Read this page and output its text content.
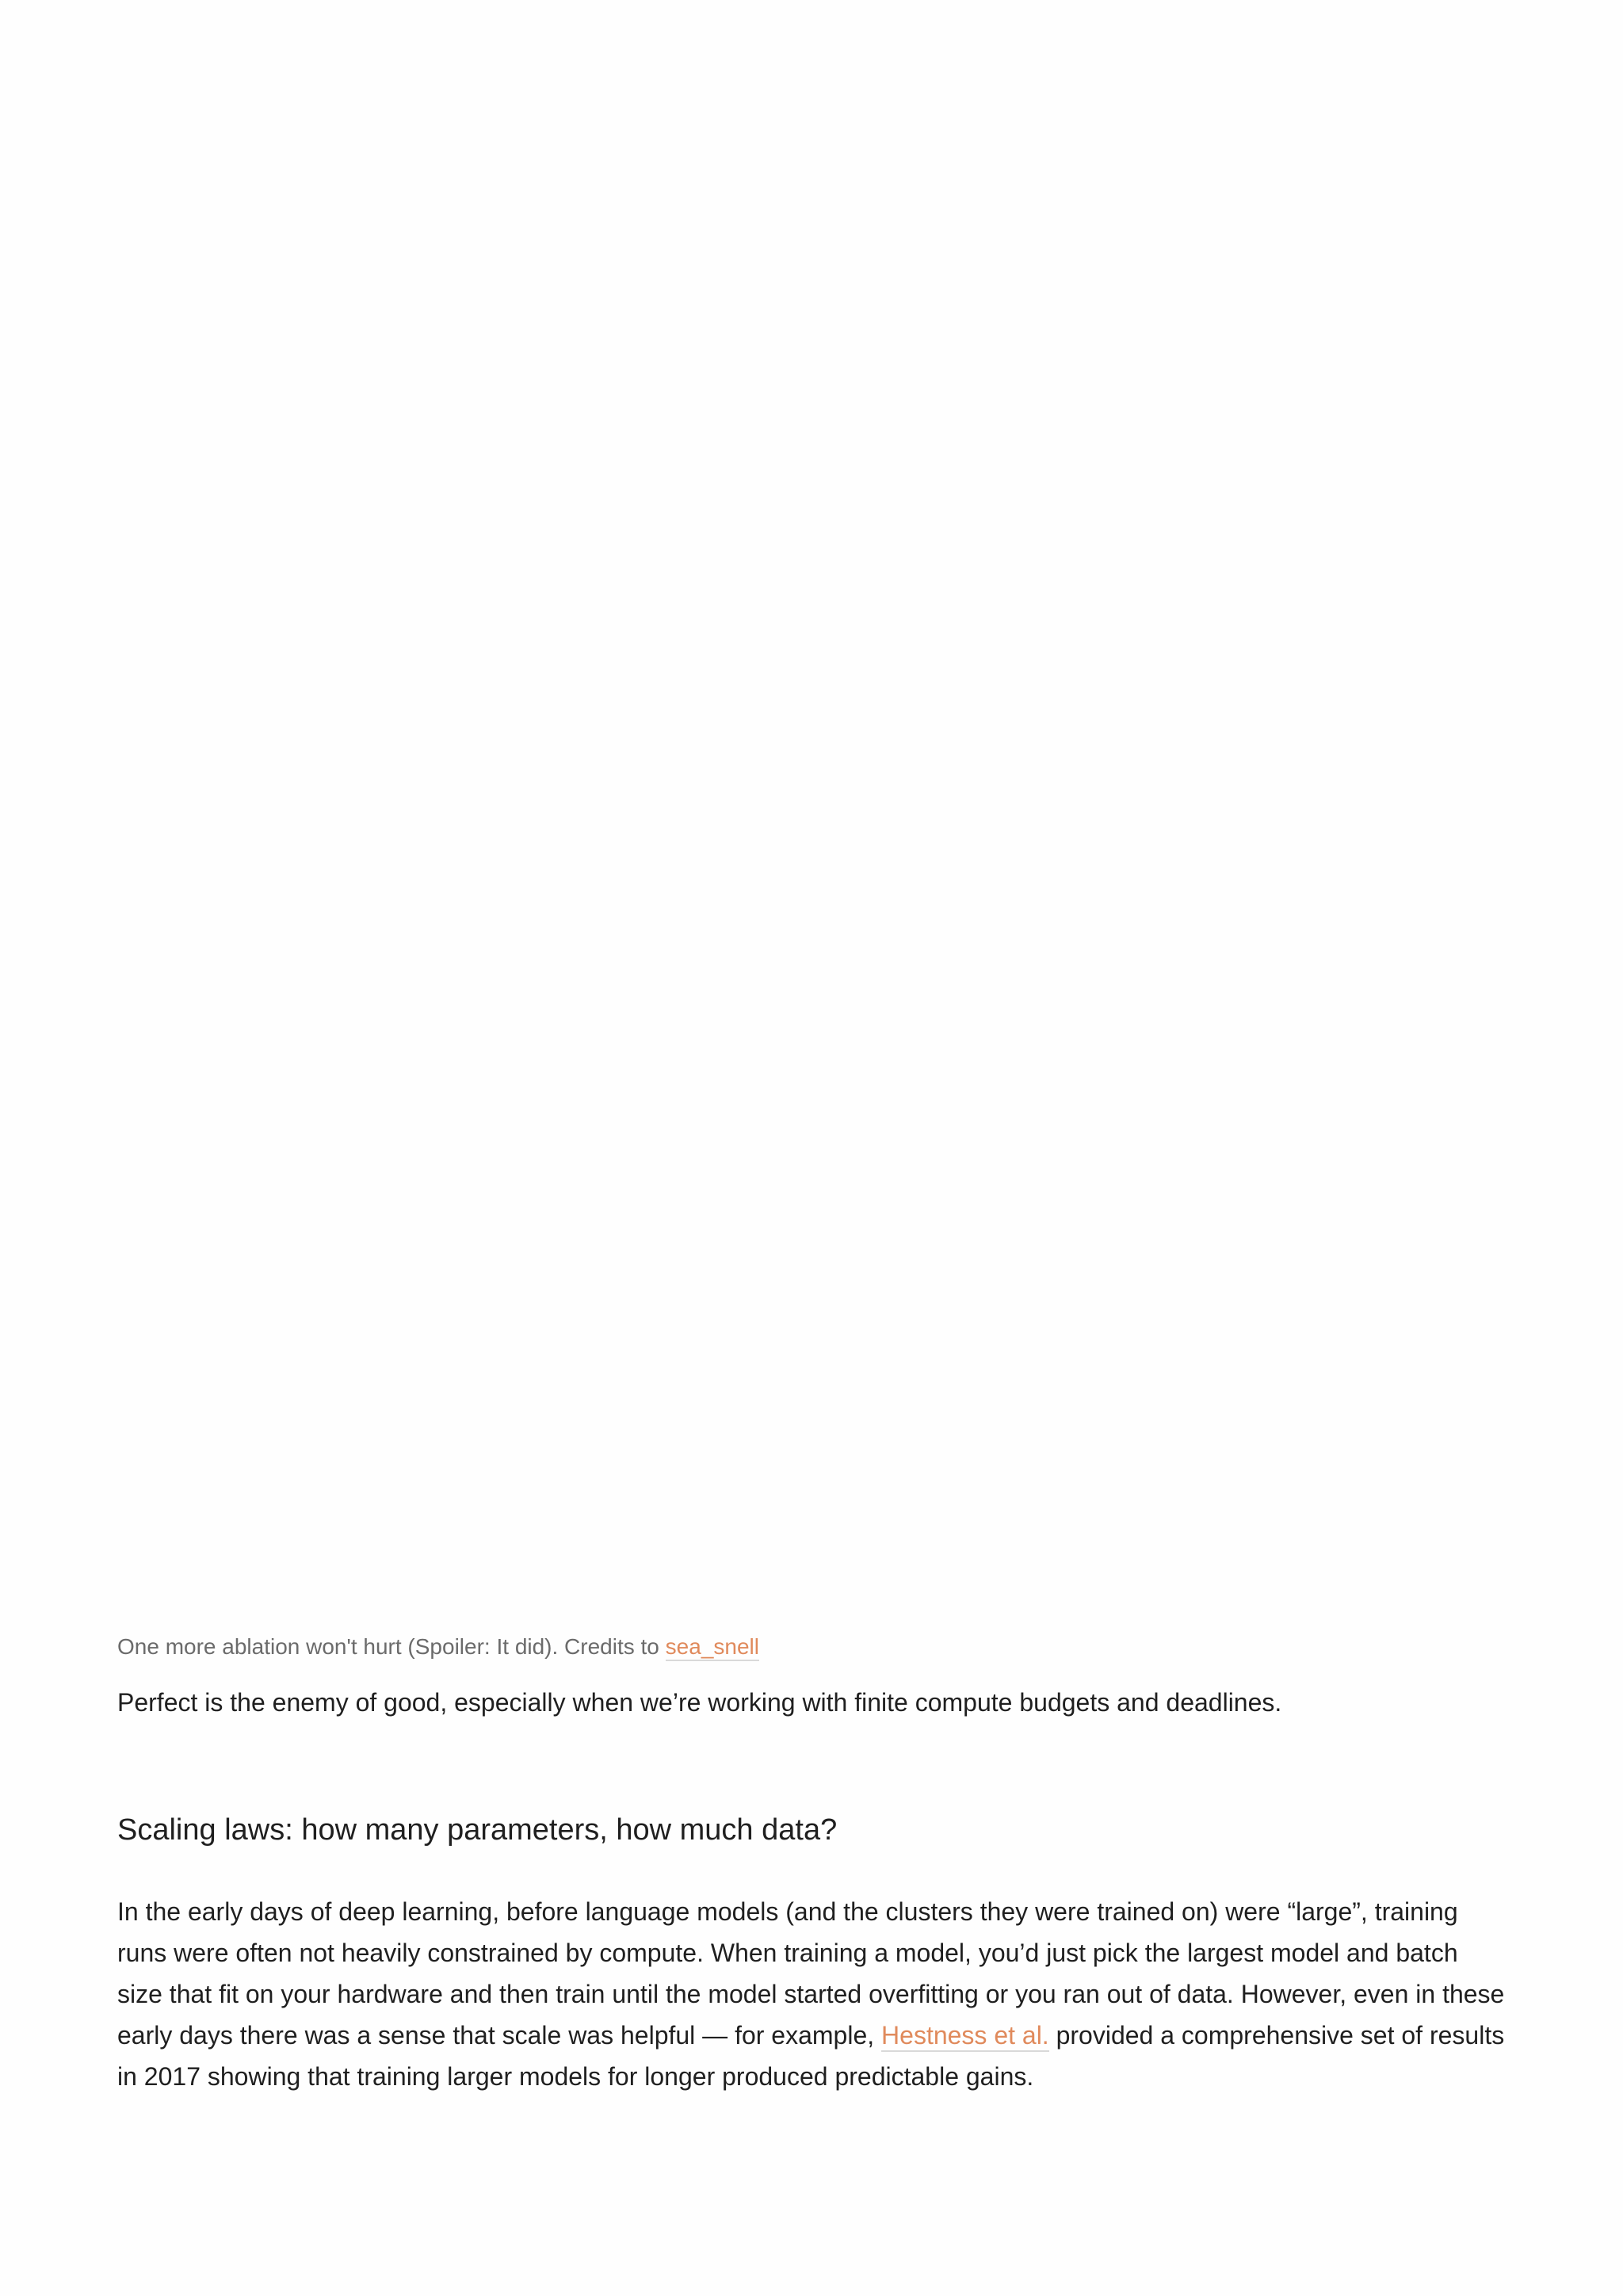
One more ablation won't hurt (Spoiler: It did). Credits to sea_snell

Perfect is the enemy of good, especially when we’re working with finite compute budgets and deadlines.

Scaling laws: how many parameters, how much data?

In the early days of deep learning, before language models (and the clusters they were trained on) were “large”, training runs were often not heavily constrained by compute. When training a model, you’d just pick the largest model and batch size that fit on your hardware and then train until the model started overfitting or you ran out of data. However, even in these early days there was a sense that scale was helpful — for example, Hestness et al. provided a comprehensive set of results in 2017 showing that training larger models for longer produced predictable gains.
